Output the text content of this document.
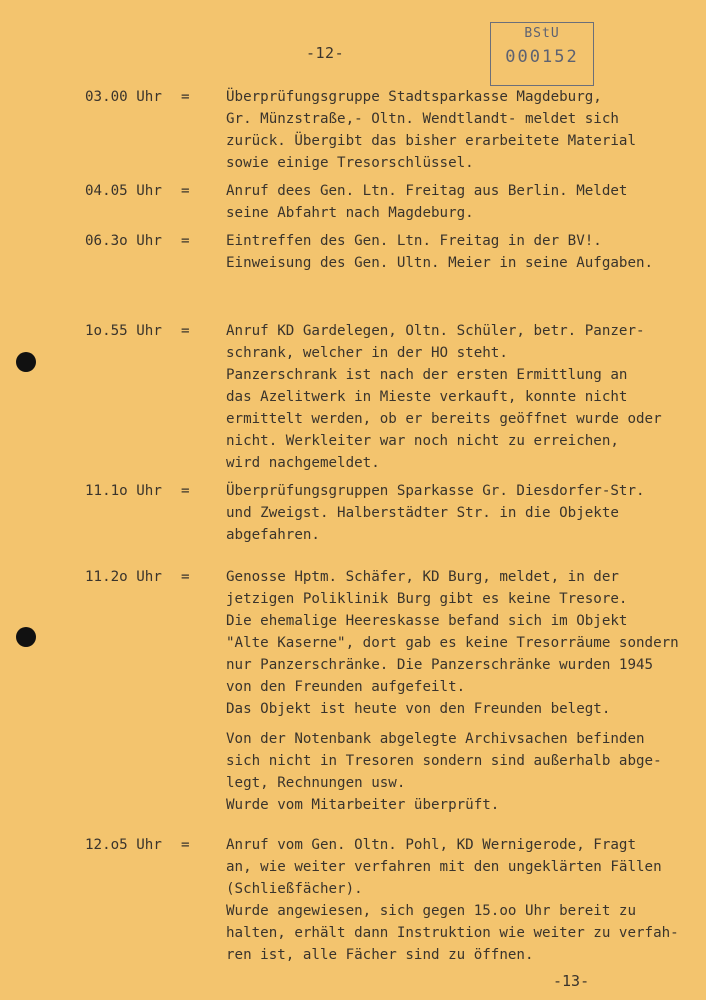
-12-
BStU
000152
03.00 Uhr =	Überprüfungsgruppe Stadtsparkasse Magdeburg,
Gr. Münzstraße,- Oltn. Wendtlandt- meldet sich
zurück. Übergibt das bisher erarbeitete Material
sowie einige Tresorschlüssel.
04.05 Uhr =	Anruf dees Gen. Ltn. Freitag aus Berlin. Meldet
seine Abfahrt nach Magdeburg.
06.3o Uhr =	Eintreffen des Gen. Ltn. Freitag in der BV!.
Einweisung des Gen. Ultn. Meier in seine Aufgaben.
1o.55 Uhr =	Anruf KD Gardelegen, Oltn. Schüler, betr. Panzer-
schrank, welcher in der HO steht.
Panzerschrank ist nach der ersten Ermittlung an
das Azelitwerk in Mieste verkauft, konnte nicht
ermittelt werden, ob er bereits geöffnet wurde oder
nicht. Werkleiter war noch nicht zu erreichen,
wird nachgemeldet.
11.1o Uhr =	Überprüfungsgruppen Sparkasse Gr. Diesdorfer-Str.
und Zweigst. Halberstädter Str. in die Objekte
abgefahren.
11.2o Uhr =	Genosse Hptm. Schäfer, KD Burg, meldet, in der
jetzigen Poliklinik Burg gibt es keine Tresore.
Die ehemalige Heereskasse befand sich im Objekt
"Alte Kaserne", dort gab es keine Tresorräume sondern
nur Panzerschränke. Die Panzerschränke wurden 1945
von den Freunden aufgefeilt.
Das Objekt ist heute von den Freunden belegt.
Von der Notenbank abgelegte Archivsachen befinden
sich nicht in Tresoren sondern sind außerhalb abge-
legt, Rechnungen usw.
Wurde vom Mitarbeiter überprüft.
12.o5 Uhr =	Anruf vom Gen. Oltn. Pohl, KD Wernigerode, Fragt
an, wie weiter verfahren mit den ungeklärten Fällen
(Schließfächer).
Wurde angewiesen, sich gegen 15.oo Uhr bereit zu
halten, erhält dann Instruktion wie weiter zu verfah-
ren ist, alle Fächer sind zu öffnen.
-13-
